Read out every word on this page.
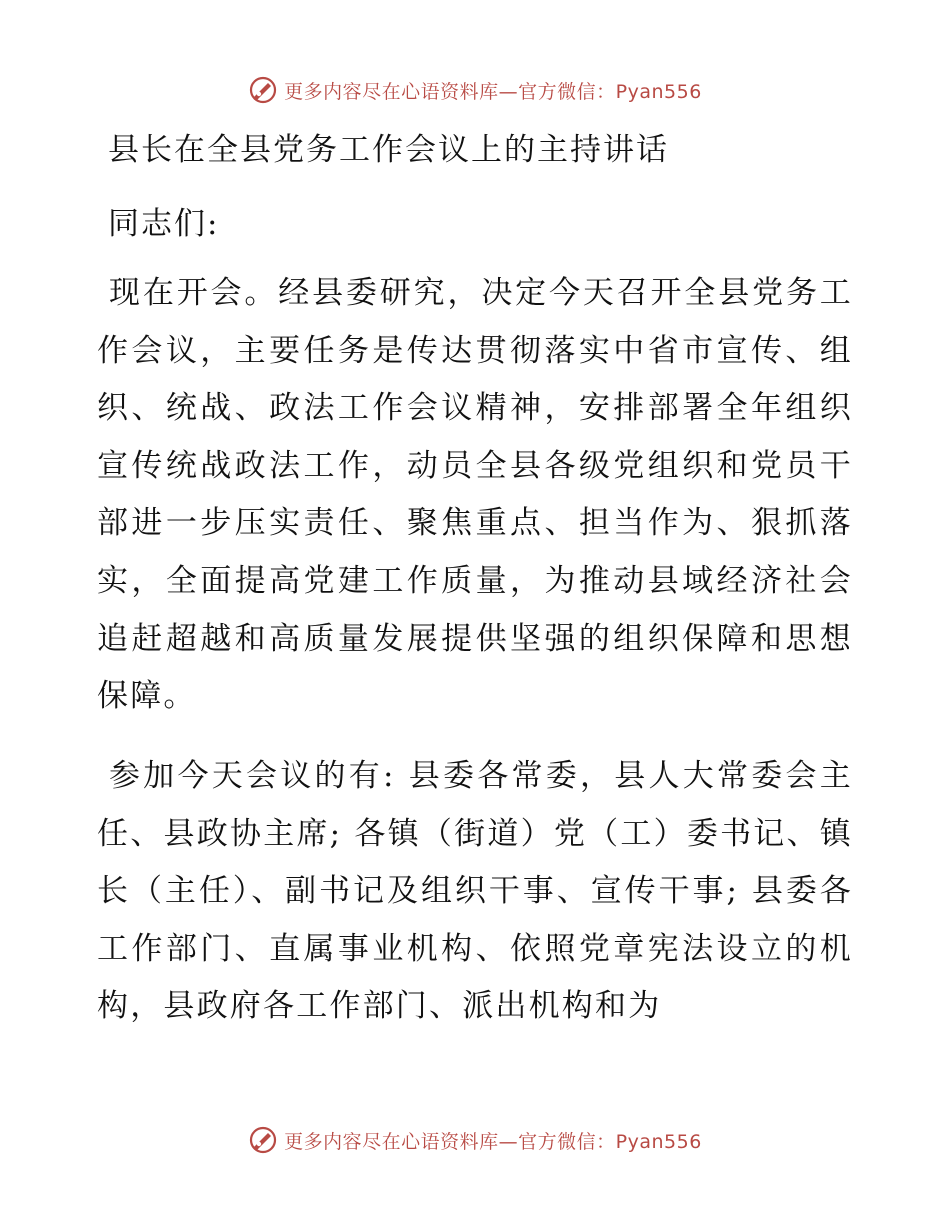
更多内容尽在心语资料库—官方微信：Pyan556
县长在全县党务工作会议上的主持讲话
同志们:

现在开会。经县委研究，决定今天召开全县党务工作会议，主要任务是传达贯彻落实中省市宣传、组织、统战、政法工作会议精神，安排部署全年组织宣传统战政法工作，动员全县各级党组织和党员干部进一步压实责任、聚焦重点、担当作为、狠抓落实，全面提高党建工作质量，为推动县域经济社会追赶超越和高质量发展提供坚强的组织保障和思想保障。

参加今天会议的有: 县委各常委，县人大常委会主任、县政协主席; 各镇（街道）党（工）委书记、镇长（主任）、副书记及组织干事、宣传干事; 县委各工作部门、直属事业机构、依照党章宪法设立的机构，县政府各工作部门、派出机构和为

更多内容尽在心语资料库—官方微信：Pyan556
